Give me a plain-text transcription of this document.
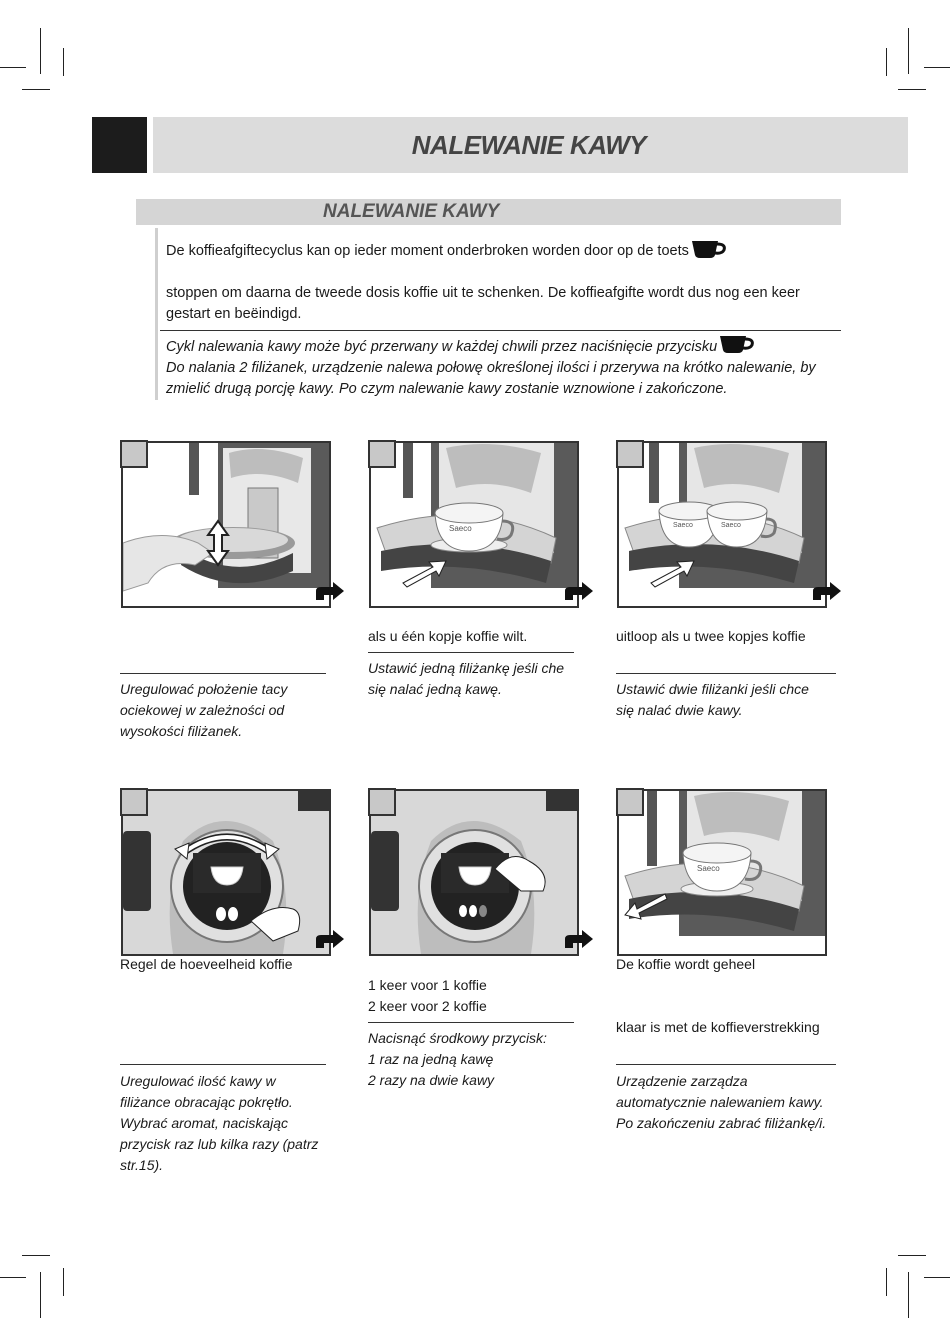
NALEWANIE KAWY
NALEWANIE KAWY
De koffieafgiftecyclus kan op ieder moment onderbroken worden door op de toets
stoppen om daarna de tweede dosis koffie uit te schenken. De koffieafgifte wordt dus nog een keer
gestart en beëindigd.
Cykl nalewania kawy może być przerwany w każdej chwili przez naciśnięcie przycisku
Do nalania 2 filiżanek, urządzenie nalewa połowę określonej ilości i przerywa na krótko nalewanie, by
zmielić drugą porcję kawy. Po czym nalewanie kawy zostanie wznowione i zakończone.
Saeco	Saeco	Saeco
Uregulować położenie tacy
ociekowej w zależności od
wysokości filiżanek.
als u één kopje koffie wilt.
Ustawić jedną filiżankę jeśli che
się nalać jedną kawę.
uitloop als u twee kopjes koffie
Ustawić dwie filiżanki jeśli chce
się nalać dwie kawy.
Saeco
Regel de hoeveelheid koffie
Uregulować ilość kawy w
filiżance obracając pokrętło.
Wybrać aromat, naciskając
przycisk raz lub kilka razy (patrz
str.15).
1 keer voor 1 koffie
2 keer voor 2 koffie
Nacisnąć środkowy przycisk:
1 raz na jedną kawę
2 razy na dwie kawy
De koffie wordt geheel
klaar is met de koffieverstrekking
Urządzenie zarządza
automatycznie nalewaniem kawy.
Po zakończeniu zabrać filiżankę/i.
